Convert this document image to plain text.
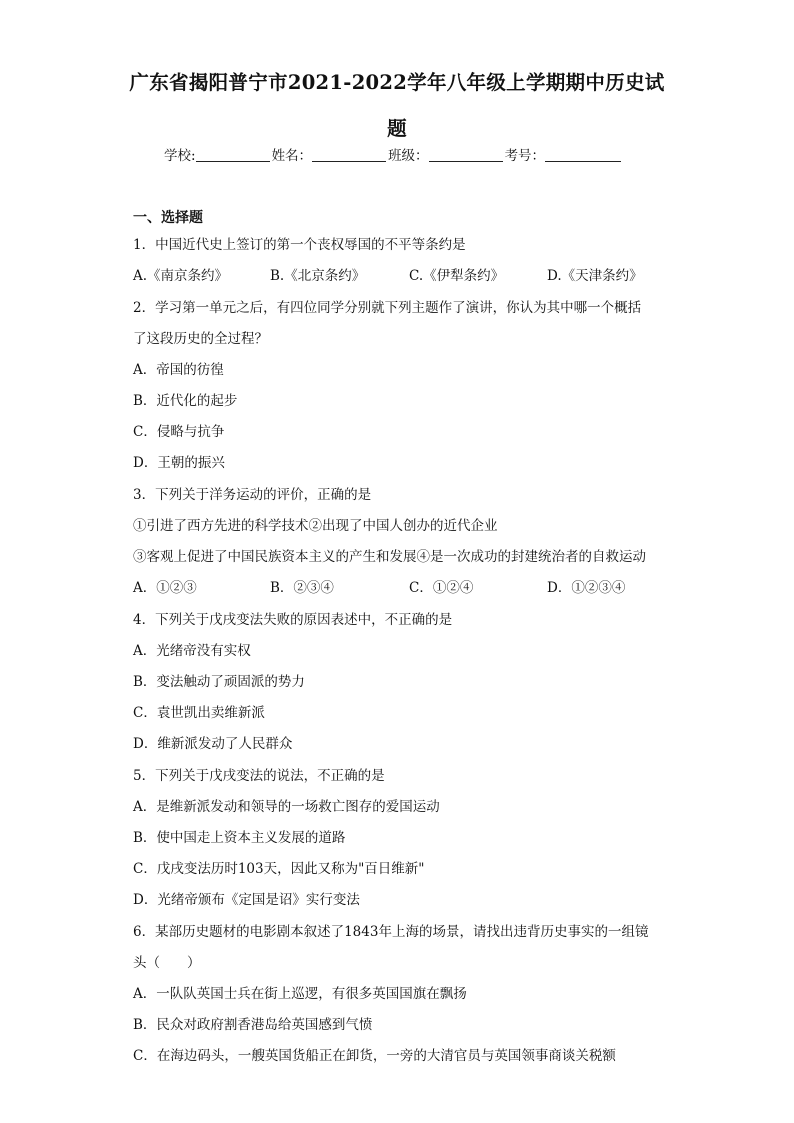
广东省揭阳普宁市2021-2022学年八年级上学期期中历史试
题
学校:	姓名：	班级：	考号：
一、选择题
1．中国近代史上签订的第一个丧权辱国的不平等条约是
A.《南京条约》	B.《北京条约》	C.《伊犁条约》	D.《天津条约》
2．学习第一单元之后，有四位同学分别就下列主题作了演讲，你认为其中哪一个概括
了这段历史的全过程？
A．帝国的彷徨
B．近代化的起步
C．侵略与抗争
D．王朝的振兴
3．下列关于洋务运动的评价，正确的是
①引进了西方先进的科学技术②出现了中国人创办的近代企业
③客观上促进了中国民族资本主义的产生和发展④是一次成功的封建统治者的自救运动
A．①②③	B．②③④	C．①②④	D．①②③④
4．下列关于戊戌变法失败的原因表述中，不正确的是
A．光绪帝没有实权
B．变法触动了顽固派的势力
C．袁世凯出卖维新派
D．维新派发动了人民群众
5．下列关于戊戌变法的说法，不正确的是
A．是维新派发动和领导的一场救亡图存的爱国运动
B．使中国走上资本主义发展的道路
C．戊戌变法历时103天，因此又称为"百日维新"
D．光绪帝颁布《定国是诏》实行变法
6．某部历史题材的电影剧本叙述了1843年上海的场景，请找出违背历史事实的一组镜
头（　　）
A．一队队英国士兵在街上巡逻，有很多英国国旗在飘扬
B．民众对政府割香港岛给英国感到气愤
C．在海边码头，一艘英国货船正在卸货，一旁的大清官员与英国领事商谈关税额
